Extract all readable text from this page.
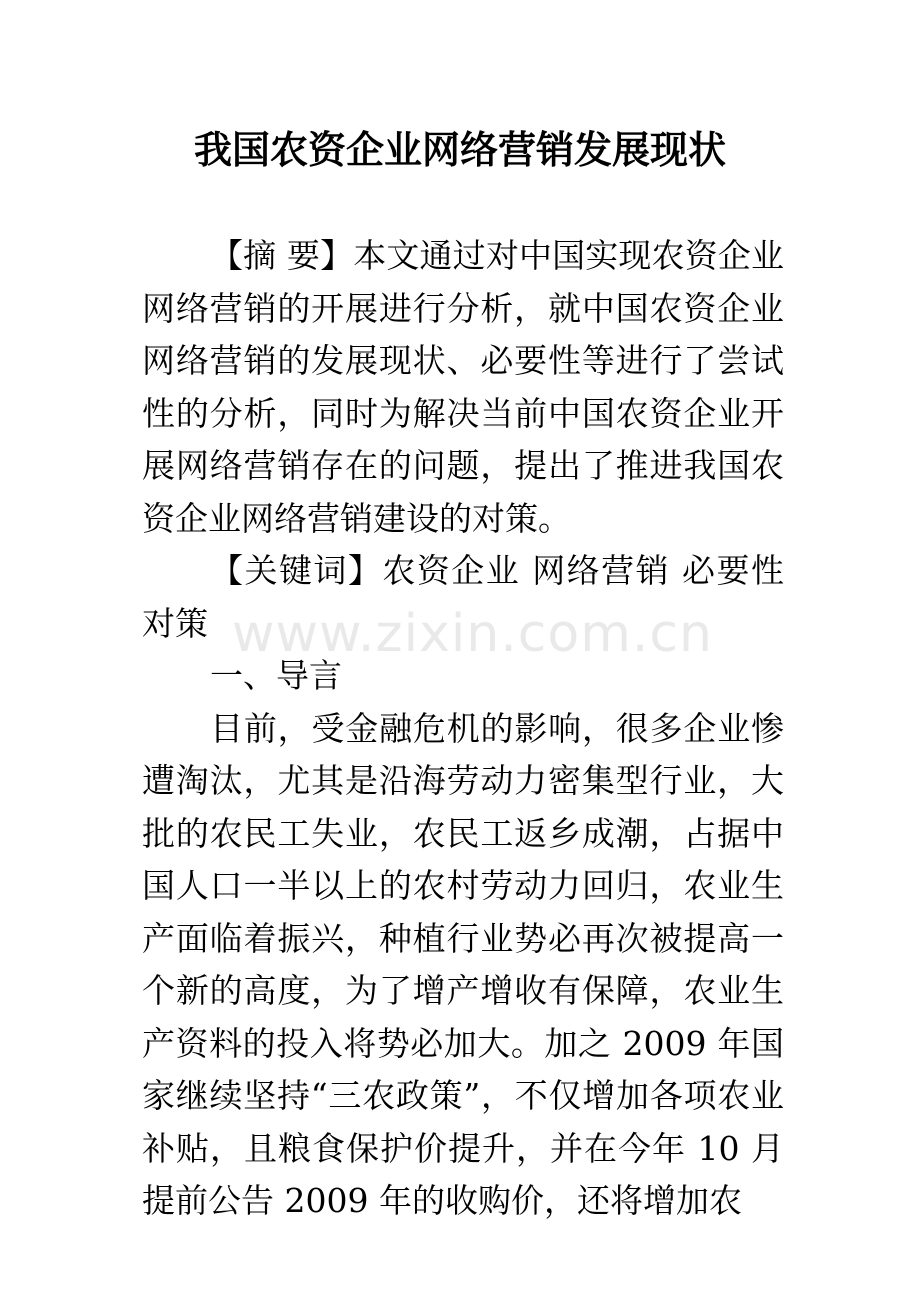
我国农资企业网络营销发展现状

【摘 要】本文通过对中国实现农资企业网络营销的开展进行分析，就中国农资企业网络营销的发展现状、必要性等进行了尝试性的分析，同时为解决当前中国农资企业开展网络营销存在的问题，提出了推进我国农资企业网络营销建设的对策。

【关键词】农资企业 网络营销 必要性 对策

一、导言

目前，受金融危机的影响，很多企业惨遭淘汰，尤其是沿海劳动力密集型行业，大批的农民工失业，农民工返乡成潮，占据中国人口一半以上的农村劳动力回归，农业生产面临着振兴，种植行业势必再次被提高一个新的高度，为了增产增收有保障，农业生产资料的投入将势必加大。加之 2009 年国家继续坚持“三农政策”，不仅增加各项农业补贴，且粮食保护价提升，并在今年 10 月提前公告 2009 年的收购价，还将增加农

www.zixin.com.cn
